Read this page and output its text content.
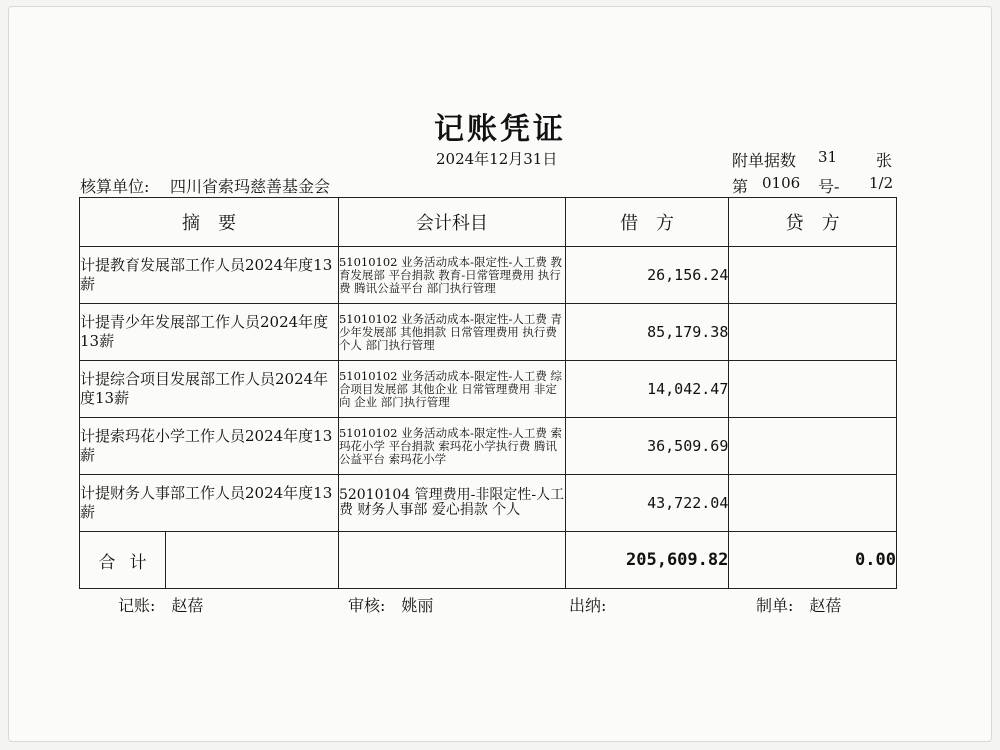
记账凭证
2024年12月31日	附单据数 31 张
核算单位: 四川省索玛慈善基金会	第 0106 号- 1/2
摘　要	会计科目	借　方	贷　方
计提教育发展部工作人员2024年度13薪	51010102 业务活动成本-限定性-人工费 教育发展部 平台捐款 教育-日常管理费用 执行费 腾讯公益平台 部门执行管理	26,156.24	
计提青少年发展部工作人员2024年度13薪	51010102 业务活动成本-限定性-人工费 青少年发展部 其他捐款 日常管理费用 执行费 个人 部门执行管理	85,179.38	
计提综合项目发展部工作人员2024年度13薪	51010102 业务活动成本-限定性-人工费 综合项目发展部 其他企业 日常管理费用 非定向 企业 部门执行管理	14,042.47	
计提索玛花小学工作人员2024年度13薪	51010102 业务活动成本-限定性-人工费 索玛花小学 平台捐款 索玛花小学执行费 腾讯公益平台 索玛花小学	36,509.69	
计提财务人事部工作人员2024年度13薪	52010104 管理费用-非限定性-人工费 财务人事部 爱心捐款 个人	43,722.04	

合计		205,609.82	0.00
记账:　赵蓓	审核:　姚丽	出纳:	制单:　赵蓓
